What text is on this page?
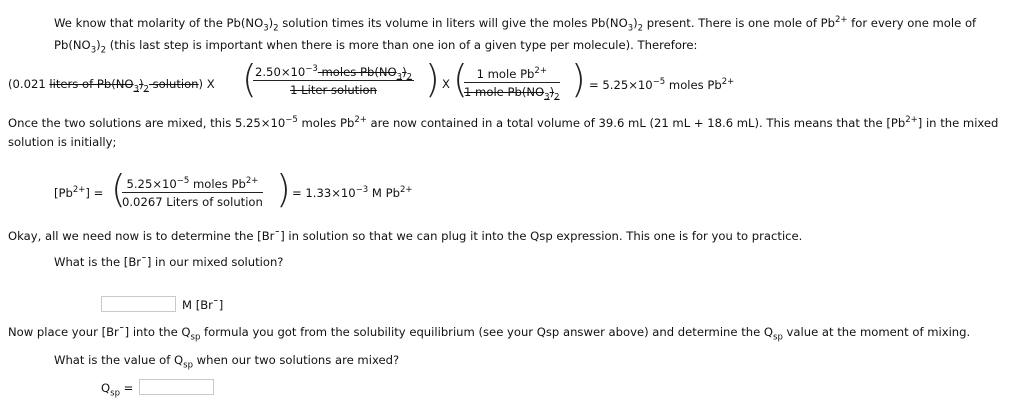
We know that molarity of the $Pb(NO_3)_2$ solution times its volume in liters will give the moles $Pb(NO_3)_2$ present. There is one mole of $Pb^{2+}$ for every one mole of
$Pb(NO_3)_2$ (this last step is important when there is more than one ion of a given type per molecule). Therefore:
(0.021 liters of $Pb(NO_3)_2$ solution) X (
$2.50\times 10^{-3}$ moles $Pb(NO_3)_2$
1 Liter solution	) X ( 1 mole $Pb^{2+}$
1 mole $Pb(NO_3)_2$ ) = $5.25\times 10^{-5}$ moles $Pb^{2+}$
Once the two solutions are mixed, this $5.25\times 10^{-5}$ moles $Pb^{2+}$ are now contained in a total volume of 39.6 mL (21 mL + 18.6 mL). This means that the $[Pb^{2+}]$ in the mixed
solution is initially;
$[Pb^{2+}]$ = ( $5.25\times 10^{-5}$ moles $Pb^{2+}$
0.0267 Liters of solution ) = $1.33\times 10^{-3}$ M $Pb^{2+}$
Okay, all we need now is to determine the [Brˉ] in solution so that we can plug it into the Qsp expression. This one is for you to practice.
What is the [Brˉ] in our mixed solution?
M [Brˉ]
Now place your [Brˉ] into the $Q_{sp}$ formula you got from the solubility equilibrium (see your Qsp answer above) and determine the $Q_{sp}$ value at the moment of mixing.
What is the value of $Q_{sp}$ when our two solutions are mixed?
$Q_{sp}$ =
